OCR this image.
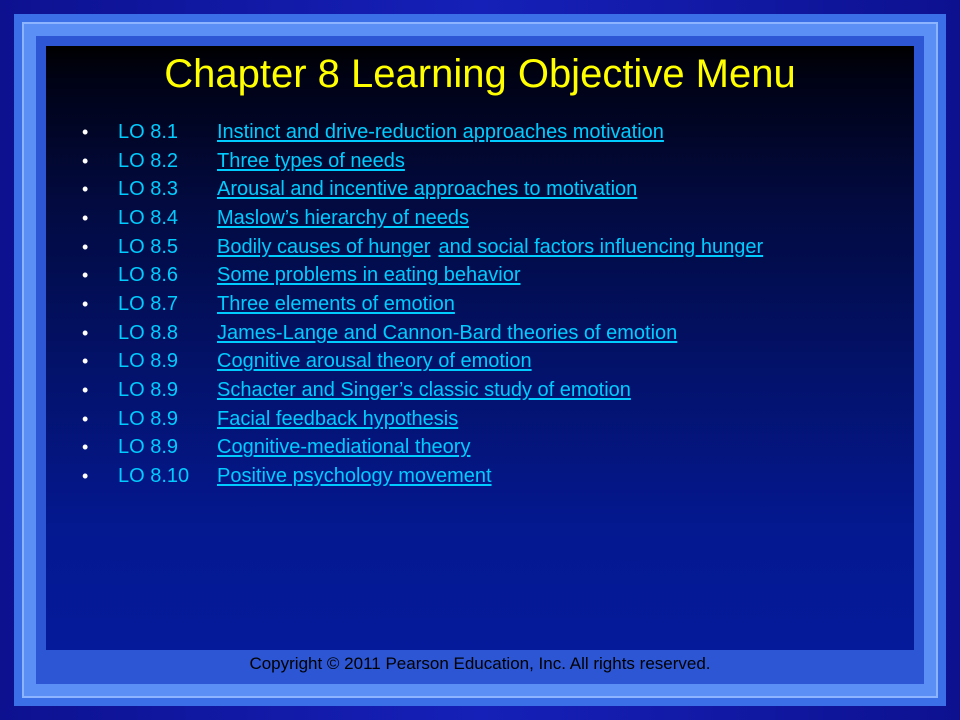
Chapter 8 Learning Objective Menu
•	LO 8.1 Instinct and drive-reduction approaches motivation
•	LO 8.2 Three types of needs
•	LO 8.3 Arousal and incentive approaches to motivation
•	LO 8.4 Maslow’s hierarchy of needs
•	LO 8.5 Bodily causes of hunger and social factors influencing hunger
•	LO 8.6 Some problems in eating behavior
•	LO 8.7 Three elements of emotion
•	LO 8.8 James-Lange and Cannon-Bard theories of emotion
•	LO 8.9 Cognitive arousal theory of emotion
•	LO 8.9 Schacter and Singer’s classic study of emotion
•	LO 8.9 Facial feedback hypothesis
•	LO 8.9 Cognitive-mediational theory
•	LO 8.10 Positive psychology movement
Copyright © 2011 Pearson Education, Inc. All rights reserved.
